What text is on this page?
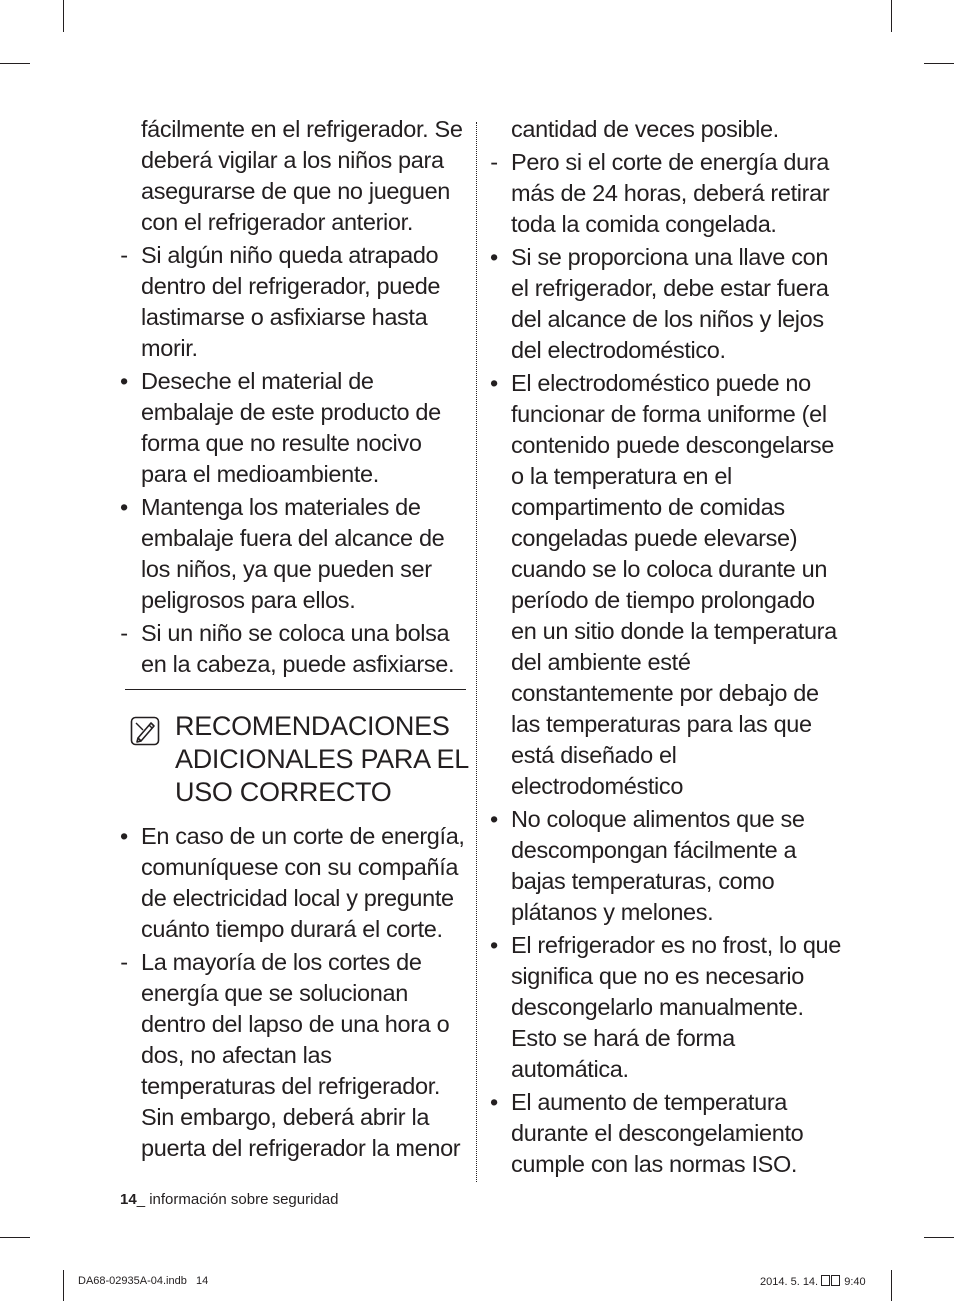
fácilmente en el refrigerador. Se deberá vigilar a los niños para asegurarse de que no jueguen con el refrigerador anterior.
- Si algún niño queda atrapado dentro del refrigerador, puede lastimarse o asfixiarse hasta morir.
• Deseche el material de embalaje de este producto de forma que no resulte nocivo para el medioambiente.
• Mantenga los materiales de embalaje fuera del alcance de los niños, ya que pueden ser peligrosos para ellos.
- Si un niño se coloca una bolsa en la cabeza, puede asfixiarse.
RECOMENDACIONES ADICIONALES PARA EL USO CORRECTO
• En caso de un corte de energía, comuníquese con su compañía de electricidad local y pregunte cuánto tiempo durará el corte.
- La mayoría de los cortes de energía que se solucionan dentro del lapso de una hora o dos, no afectan las temperaturas del refrigerador. Sin embargo, deberá abrir la puerta del refrigerador la menor
cantidad de veces posible.
- Pero si el corte de energía dura más de 24 horas, deberá retirar toda la comida congelada.
• Si se proporciona una llave con el refrigerador, debe estar fuera del alcance de los niños y lejos del electrodoméstico.
• El electrodoméstico puede no funcionar de forma uniforme (el contenido puede descongelarse o la temperatura en el compartimento de comidas congeladas puede elevarse) cuando se lo coloca durante un período de tiempo prolongado en un sitio donde la temperatura del ambiente esté constantemente por debajo de las temperaturas para las que está diseñado el electrodoméstico
• No coloque alimentos que se descompongan fácilmente a bajas temperaturas, como plátanos y melones.
• El refrigerador es no frost, lo que significa que no es necesario descongelarlo manualmente. Esto se hará de forma automática.
• El aumento de temperatura durante el descongelamiento cumple con las normas ISO.
14_ información sobre seguridad
DA68-02935A-04.indb   14	2014. 5. 14. 9:40
